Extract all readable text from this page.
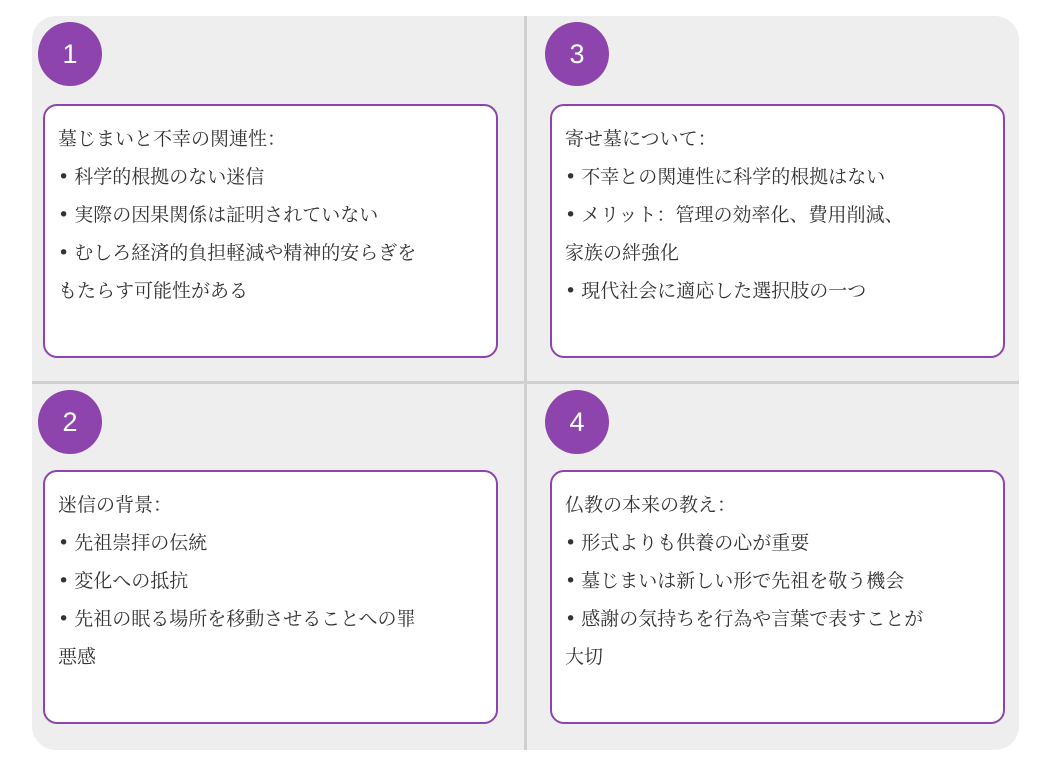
1

墓じまいと不幸の関連性：

• 科学的根拠のない迷信

• 実際の因果関係は証明されていない

• むしろ経済的負担軽減や精神的安らぎをもたらす可能性がある

3

寄せ墓について：

• 不幸との関連性に科学的根拠はない

• メリット：管理の効率化、費用削減、家族の絆強化

• 現代社会に適応した選択肢の一つ

2

迷信の背景：

• 先祖崇拝の伝統

• 変化への抵抗

• 先祖の眠る場所を移動させることへの罪悪感

4

仏教の本来の教え：

• 形式よりも供養の心が重要

• 墓じまいは新しい形で先祖を敬う機会

• 感謝の気持ちを行為や言葉で表すことが大切
